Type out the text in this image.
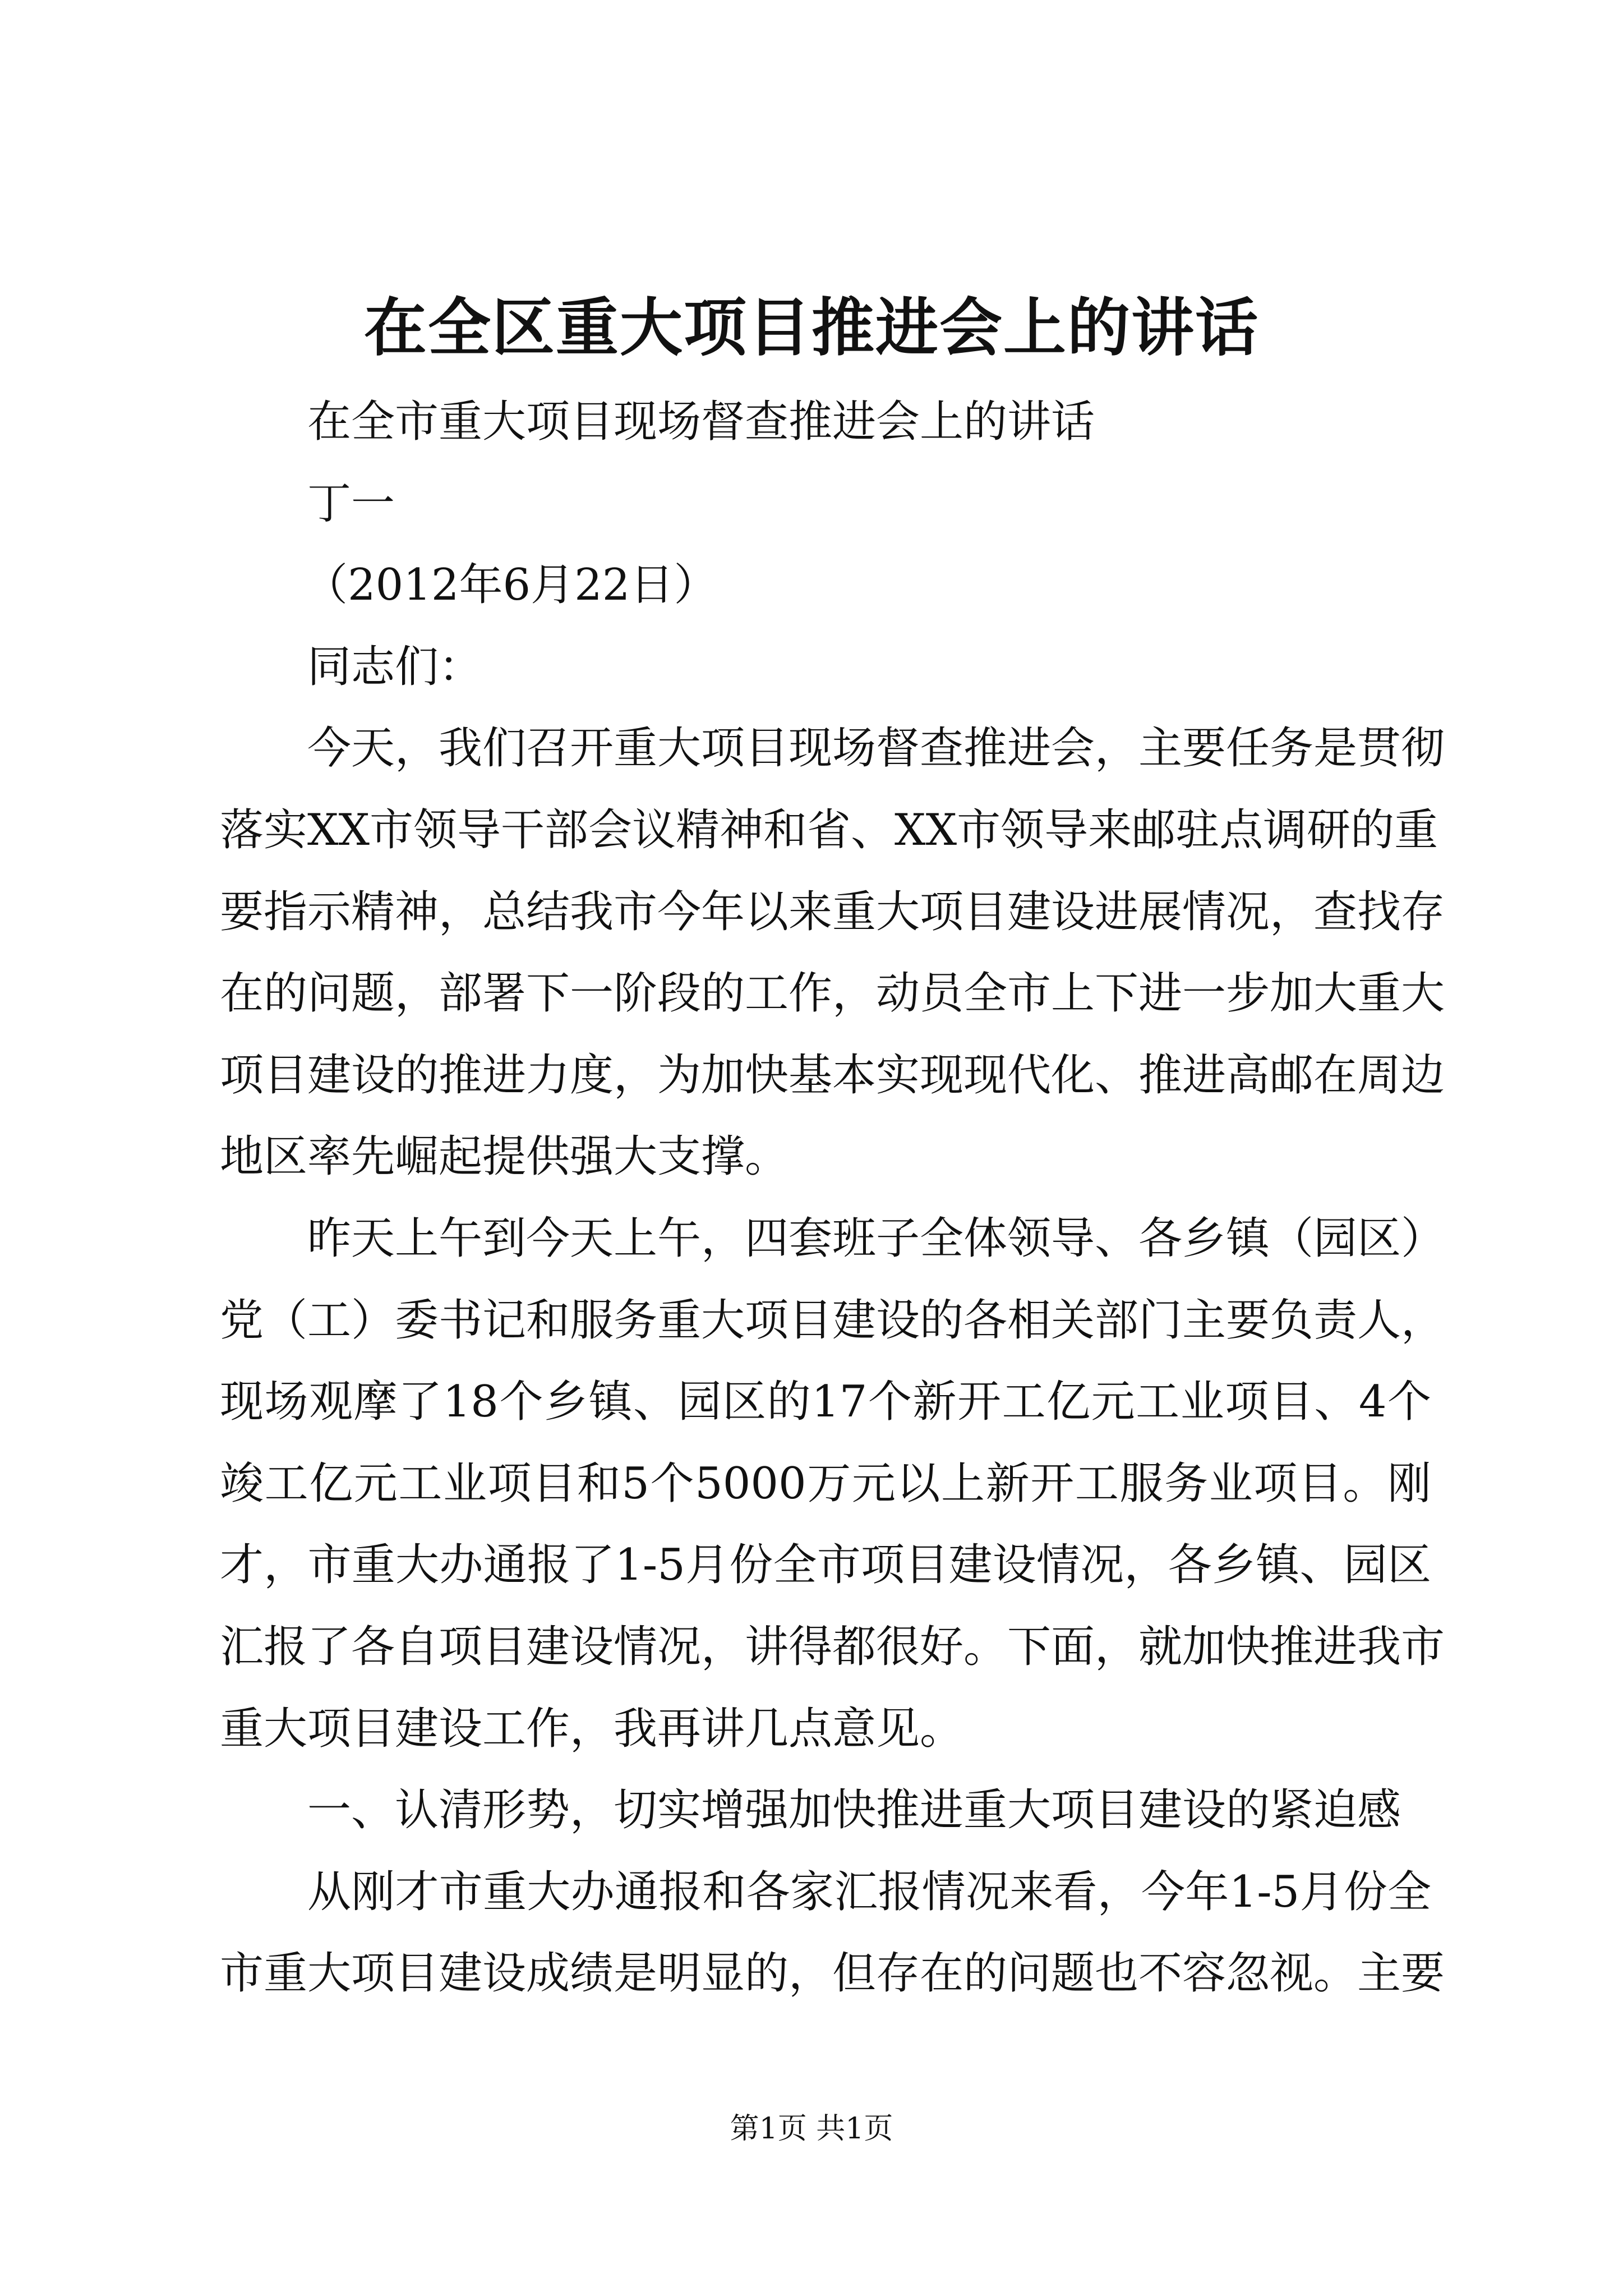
在全区重大项目推进会上的讲话

在全市重大项目现场督查推进会上的讲话

丁一

（2012年6月22日）

同志们：

今天，我们召开重大项目现场督查推进会，主要任务是贯彻

落实XX市领导干部会议精神和省、XX市领导来邮驻点调研的重

要指示精神，总结我市今年以来重大项目建设进展情况，查找存

在的问题，部署下一阶段的工作，动员全市上下进一步加大重大

项目建设的推进力度，为加快基本实现现代化、推进高邮在周边

地区率先崛起提供强大支撑。

昨天上午到今天上午，四套班子全体领导、各乡镇（园区）

党（工）委书记和服务重大项目建设的各相关部门主要负责人，

现场观摩了18个乡镇、园区的17个新开工亿元工业项目、4个

竣工亿元工业项目和5个5000万元以上新开工服务业项目。刚

才，市重大办通报了1-5月份全市项目建设情况，各乡镇、园区

汇报了各自项目建设情况，讲得都很好。下面，就加快推进我市

重大项目建设工作，我再讲几点意见。

一、认清形势，切实增强加快推进重大项目建设的紧迫感

从刚才市重大办通报和各家汇报情况来看，今年1-5月份全

市重大项目建设成绩是明显的，但存在的问题也不容忽视。主要

第1页 共1页
